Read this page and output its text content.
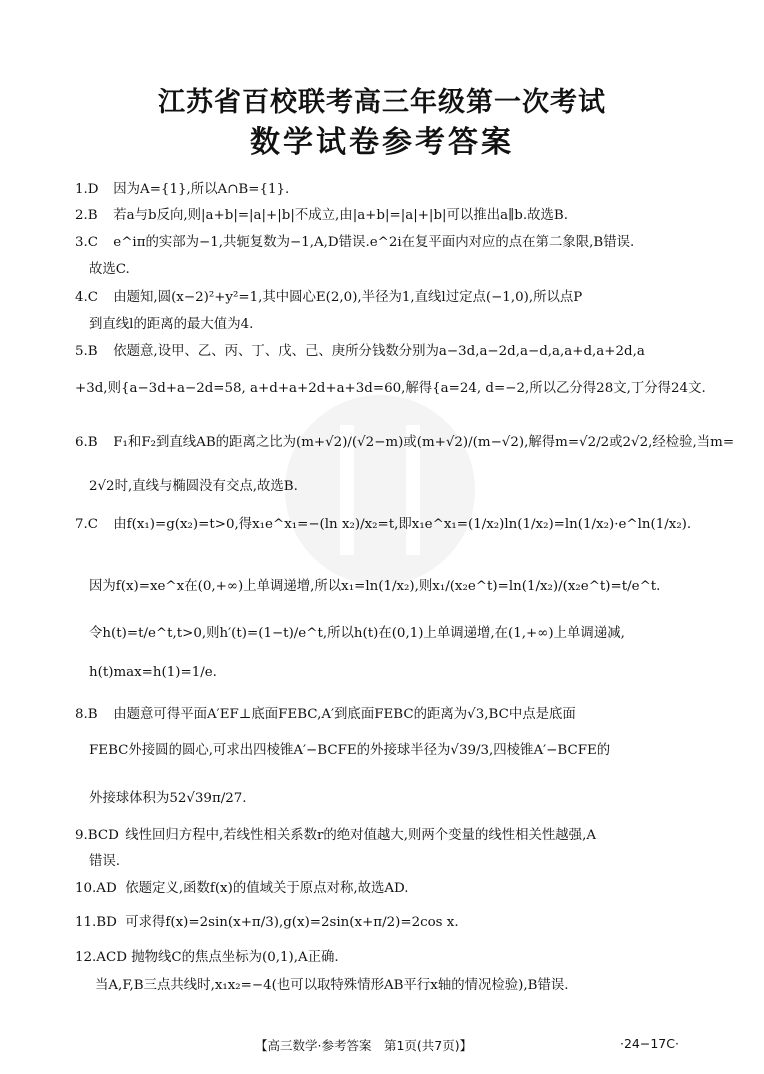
江苏省百校联考高三年级第一次考试
数学试卷参考答案
1.D 因为A={1},所以A∩B={1}.
2.B 若a与b反向,则|a+b|=|a|+|b|不成立,由|a+b|=|a|+|b|可以推出a∥b.故选B.
3.C e^iπ的实部为−1,共轭复数为−1,A,D错误.e^2i在复平面内对应的点在第二象限,B错误.
故选C.
4.C 由题知,圆(x−2)²+y²=1,其中圆心E(2,0),半径为1,直线l过定点(−1,0),所以点P
到直线l的距离的最大值为4.
5.B 依题意,设甲、乙、丙、丁、戊、己、庚所分钱数分别为a−3d,a−2d,a−d,a,a+d,a+2d,a
+3d,则{a−3d+a−2d=58, a+d+a+2d+a+3d=60,解得{a=24, d=−2,所以乙分得28文,丁分得24文.
6.B F₁和F₂到直线AB的距离之比为(m+√2)/(√2−m)或(m+√2)/(m−√2),解得m=√2/2或2√2,经检验,当m=
2√2时,直线与椭圆没有交点,故选B.
7.C 由f(x₁)=g(x₂)=t>0,得x₁e^x₁=−(ln x₂)/x₂=t,即x₁e^x₁=(1/x₂)ln(1/x₂)=ln(1/x₂)·e^ln(1/x₂).
因为f(x)=xe^x在(0,+∞)上单调递增,所以x₁=ln(1/x₂),则x₁/(x₂e^t)=ln(1/x₂)/(x₂e^t)=t/e^t.
令h(t)=t/e^t,t>0,则h′(t)=(1−t)/e^t,所以h(t)在(0,1)上单调递增,在(1,+∞)上单调递减,
h(t)max=h(1)=1/e.
8.B 由题意可得平面A′EF⊥底面FEBC,A′到底面FEBC的距离为√3,BC中点是底面
FEBC外接圆的圆心,可求出四棱锥A′−BCFE的外接球半径为√39/3,四棱锥A′−BCFE的
外接球体积为52√39π/27.
9.BCD 线性回归方程中,若线性相关系数r的绝对值越大,则两个变量的线性相关性越强,A
错误.
10.AD 依题定义,函数f(x)的值域关于原点对称,故选AD.
11.BD 可求得f(x)=2sin(x+π/3),g(x)=2sin(x+π/2)=2cos x.
12.ACD 抛物线C的焦点坐标为(0,1),A正确.
当A,F,B三点共线时,x₁x₂=−4(也可以取特殊情形AB平行x轴的情况检验),B错误.
【高三数学·参考答案　第1页(共7页)】	·24−17C·
